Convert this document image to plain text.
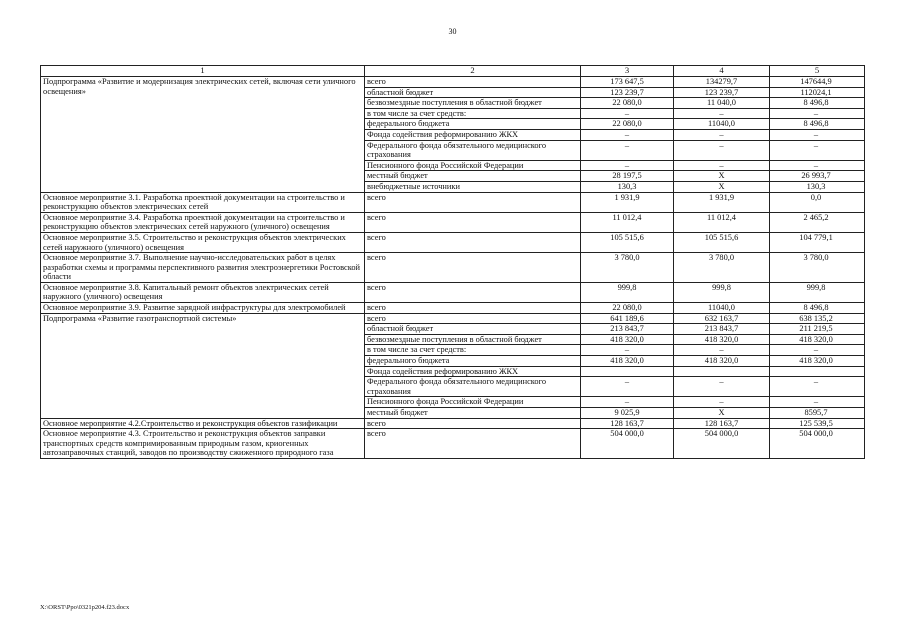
30
1	2	3	4	5
Подпрограмма «Развитие и модернизация электрических сетей, включая сети уличного освещения»	всего	173 647,5	134279,7	147644,9
	областной бюджет	123 239,7	123 239,7	112024,1
	безвозмездные поступления в областной бюджет	22 080,0	11 040,0	8 496,8
	в том числе за счет средств:	–	–	–
	федерального бюджета	22 080,0	11040,0	8 496,8
	Фонда содействия реформированию ЖКХ	–	–	–
	Федерального фонда обязательного медицинского страхования	–	–	–
	Пенсионного фонда Российской Федерации	–	–	–
	местный бюджет	28 197,5	Х	26 993,7
	внебюджетные источники	130,3	Х	130,3
Основное мероприятие 3.1. Разработка проектной документации на строительство и реконструкцию объектов электрических сетей	всего	1 931,9	1 931,9	0,0
Основное мероприятие 3.4. Разработка проектной документации на строительство и реконструкцию объектов электрических сетей наружного (уличного) освещения	всего	11 012,4	11 012,4	2 465,2
Основное мероприятие 3.5. Строительство и реконструкция объектов электрических сетей наружного (уличного) освещения	всего	105 515,6	105 515,6	104 779,1
Основное мероприятие 3.7. Выполнение научно-исследовательских работ в целях разработки схемы и программы перспективного развития электроэнергетики Ростовской области	всего	3 780,0	3 780,0	3 780,0
Основное мероприятие 3.8. Капитальный ремонт объектов электрических сетей наружного (уличного) освещения	всего	999,8	999,8	999,8
Основное мероприятие 3.9. Развитие зарядной инфраструктуры для электромобилей	всего	22 080,0	11040,0	8 496,8
Подпрограмма «Развитие газотранспортной системы»	всего	641 189,6	632 163,7	638 135,2
	областной бюджет	213 843,7	213 843,7	211 219,5
	безвозмездные поступления в областной бюджет	418 320,0	418 320,0	418 320,0
	в том числе за счет средств:	–	–	–
	федерального бюджета	418 320,0	418 320,0	418 320,0
	Фонда содействия реформированию ЖКХ			
	Федерального фонда обязательного медицинского страхования	–	–	–
	Пенсионного фонда Российской Федерации	–	–	–
	местный бюджет	9 025,9	Х	8595,7
Основное мероприятие 4.2.Строительство и реконструкция объектов газификации	всего	128 163,7	128 163,7	125 539,5
Основное мероприятие 4.3. Строительство и реконструкция объектов заправки транспортных средств компримированным природным газом, криогенных автозаправочных станций, заводов по производству сжиженного природного газа	всего	504 000,0	504 000,0	504 000,0
Х:\ORST\Ppo\0321p204.f23.docx
